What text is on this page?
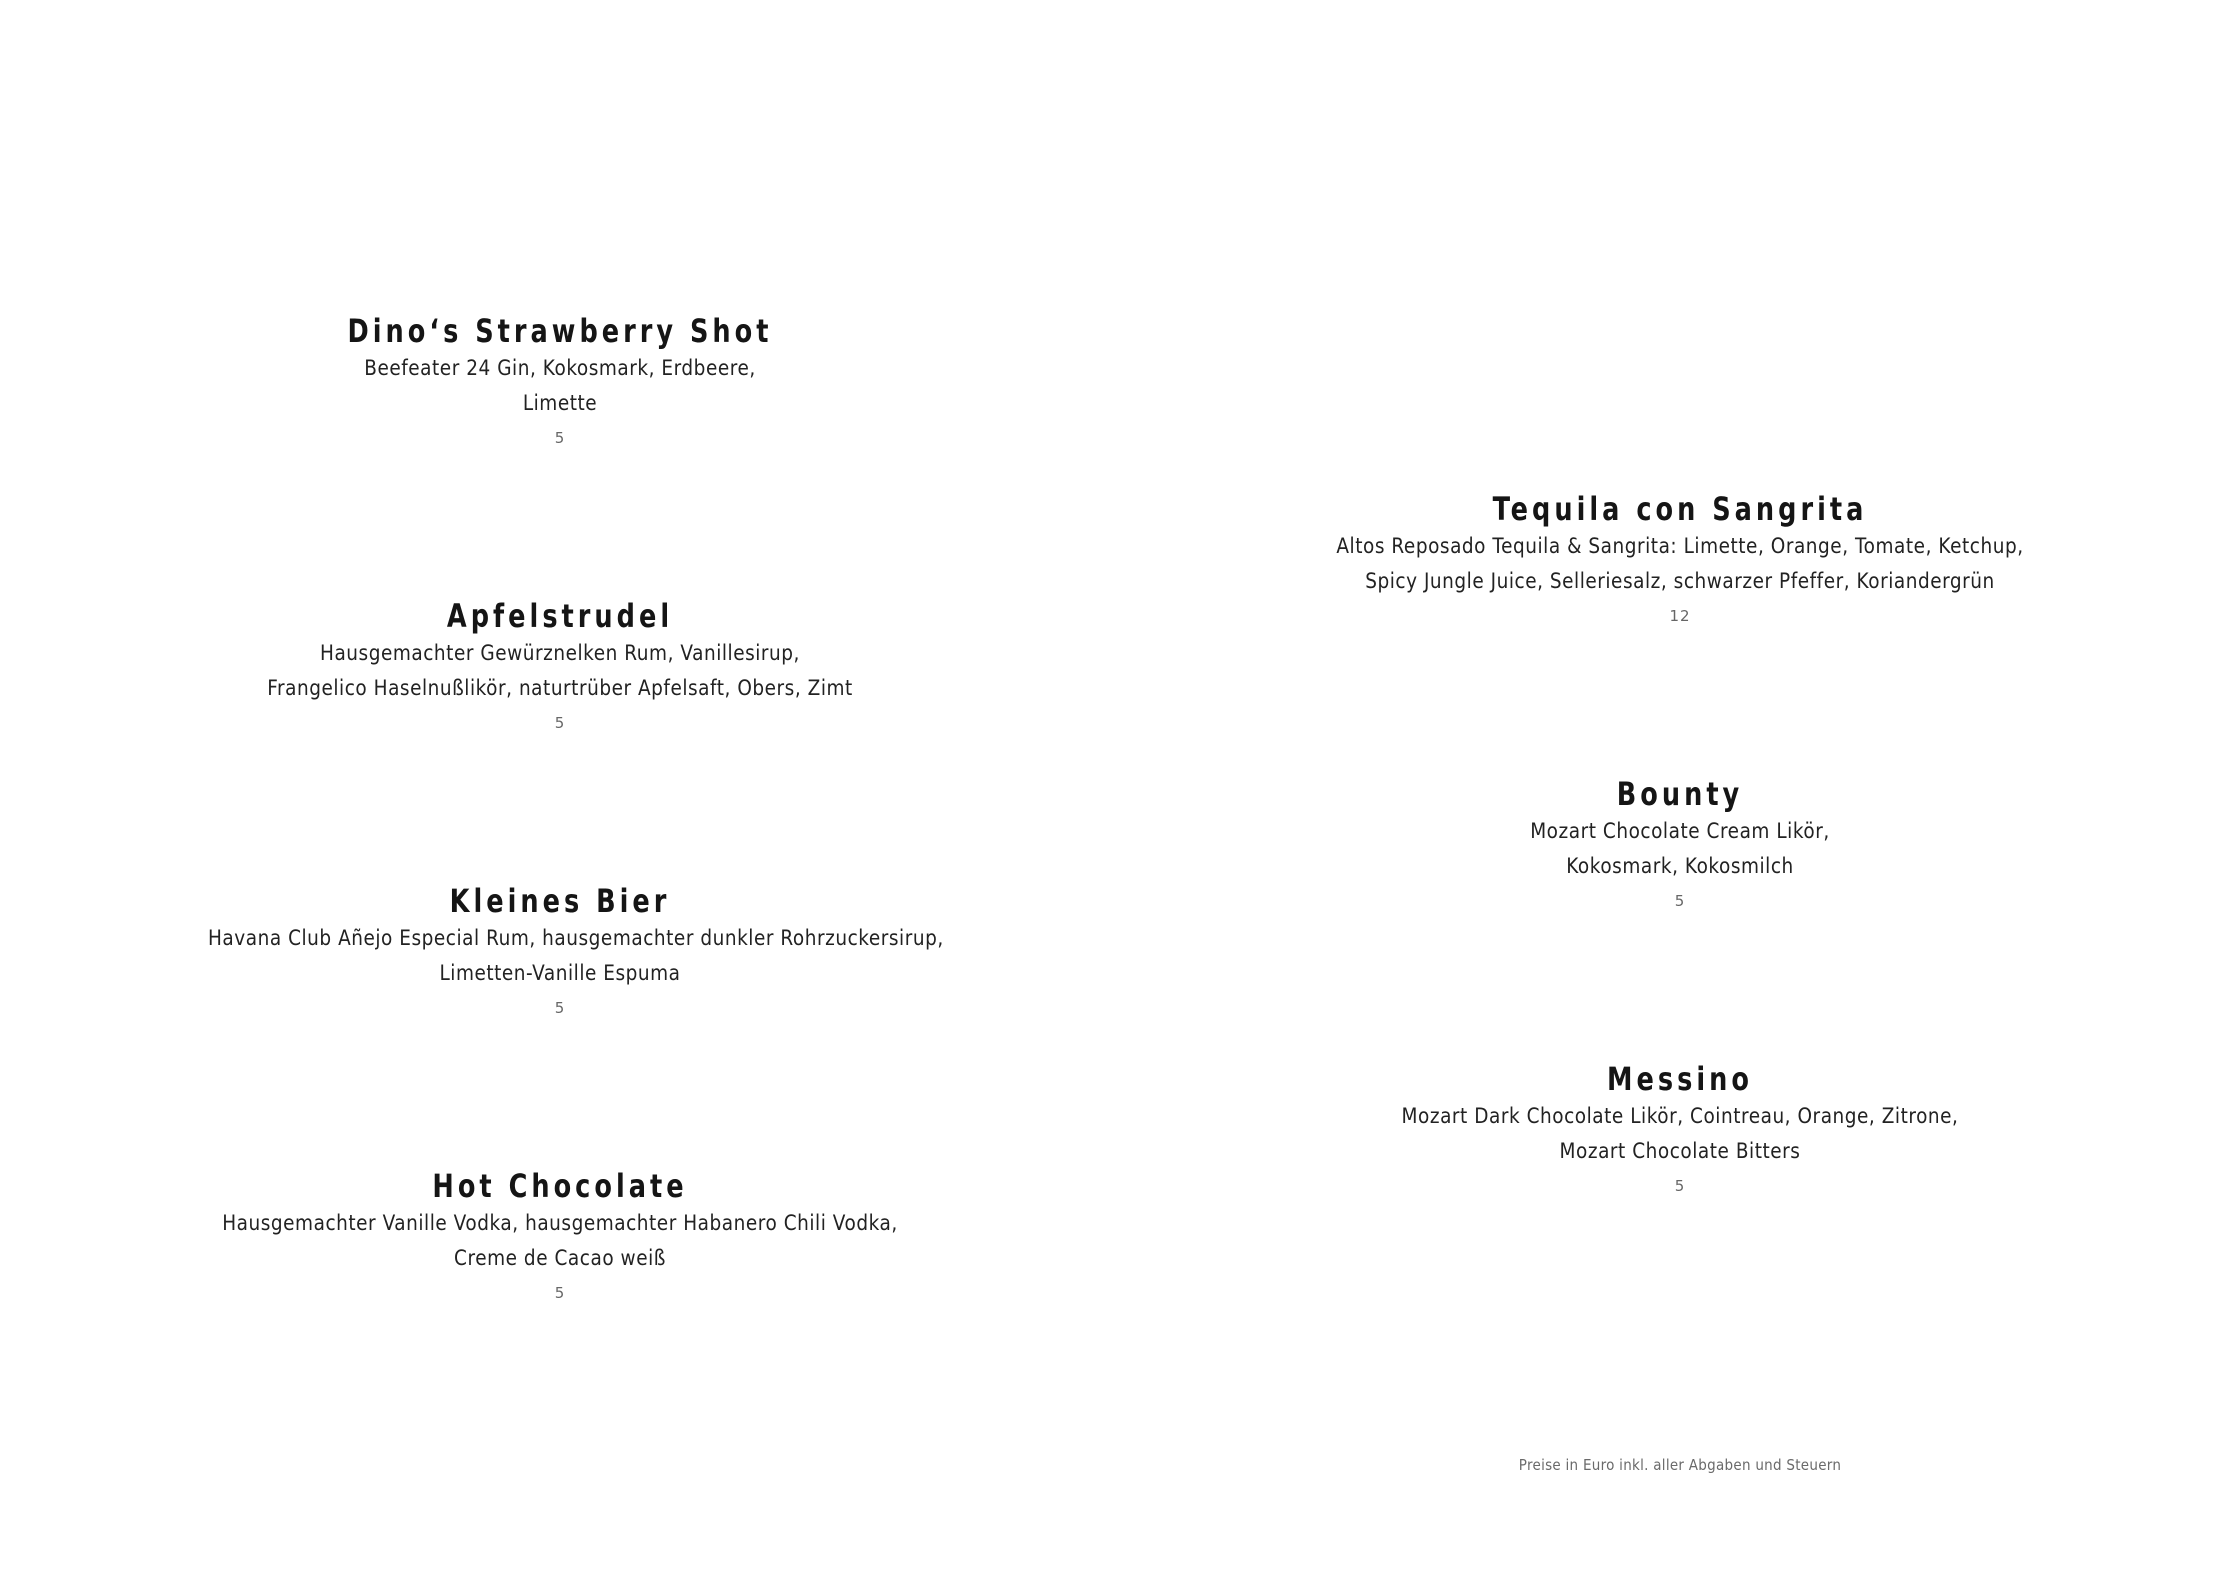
Dino‘s Strawberry Shot
Beefeater 24 Gin, Kokosmark, Erdbeere,
Limette
5
Apfelstrudel
Hausgemachter Gewürznelken Rum, Vanillesirup,
Frangelico Haselnußlikör, naturtrüber Apfelsaft, Obers, Zimt
5
Kleines Bier
Havana Club Añejo Especial Rum, hausgemachter dunkler Rohrzuckersirup,
Limetten-Vanille Espuma
5
Hot Chocolate
Hausgemachter Vanille Vodka, hausgemachter Habanero Chili Vodka,
Creme de Cacao weiß
5
Tequila con Sangrita
Altos Reposado Tequila & Sangrita: Limette, Orange, Tomate, Ketchup,
Spicy Jungle Juice, Selleriesalz, schwarzer Pfeffer, Koriandergrün
12
Bounty
Mozart Chocolate Cream Likör,
Kokosmark, Kokosmilch
5
Messino
Mozart Dark Chocolate Likör, Cointreau, Orange, Zitrone,
Mozart Chocolate Bitters
5
Preise in Euro inkl. aller Abgaben und Steuern
